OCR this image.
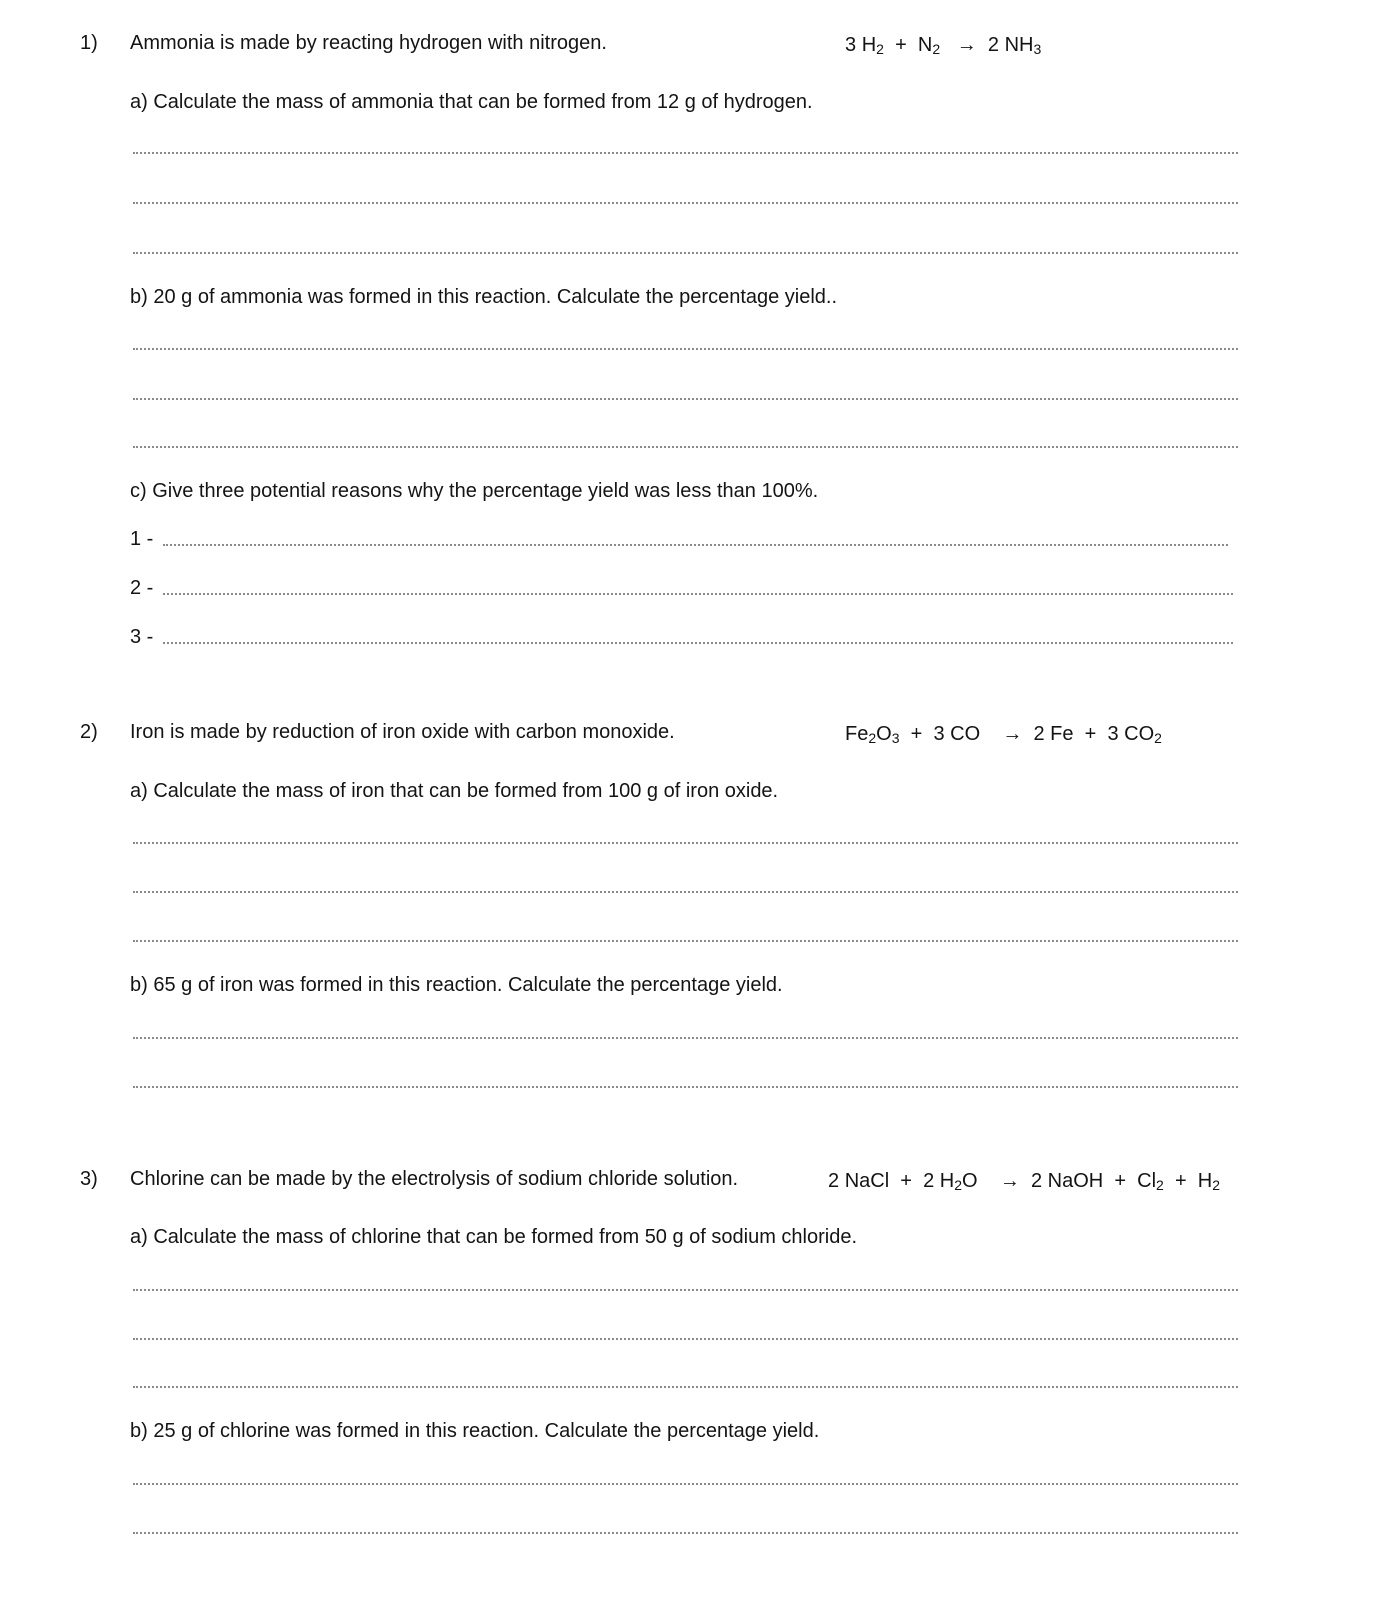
1) Ammonia is made by reacting hydrogen with nitrogen.	3 $H_2 + N_2 \to 2$ $NH_3$
a) Calculate the mass of ammonia that can be formed from 12 g of hydrogen.
b) 20 g of ammonia was formed in this reaction. Calculate the percentage yield..
c) Give three potential reasons why the percentage yield was less than 100%.
1 -
2 -
3 -
2) Iron is made by reduction of iron oxide with carbon monoxide.	$Fe_2O_3 + 3$ CO → 2 Fe + 3 $CO_2$
a) Calculate the mass of iron that can be formed from 100 g of iron oxide.
b) 65 g of iron was formed in this reaction. Calculate the percentage yield.
3) Chlorine can be made by the electrolysis of sodium chloride solution.	2 NaCl + 2 $H_2O \to 2$ NaOH + $Cl_2 + H_2$
a) Calculate the mass of chlorine that can be formed from 50 g of sodium chloride.
b) 25 g of chlorine was formed in this reaction. Calculate the percentage yield.
